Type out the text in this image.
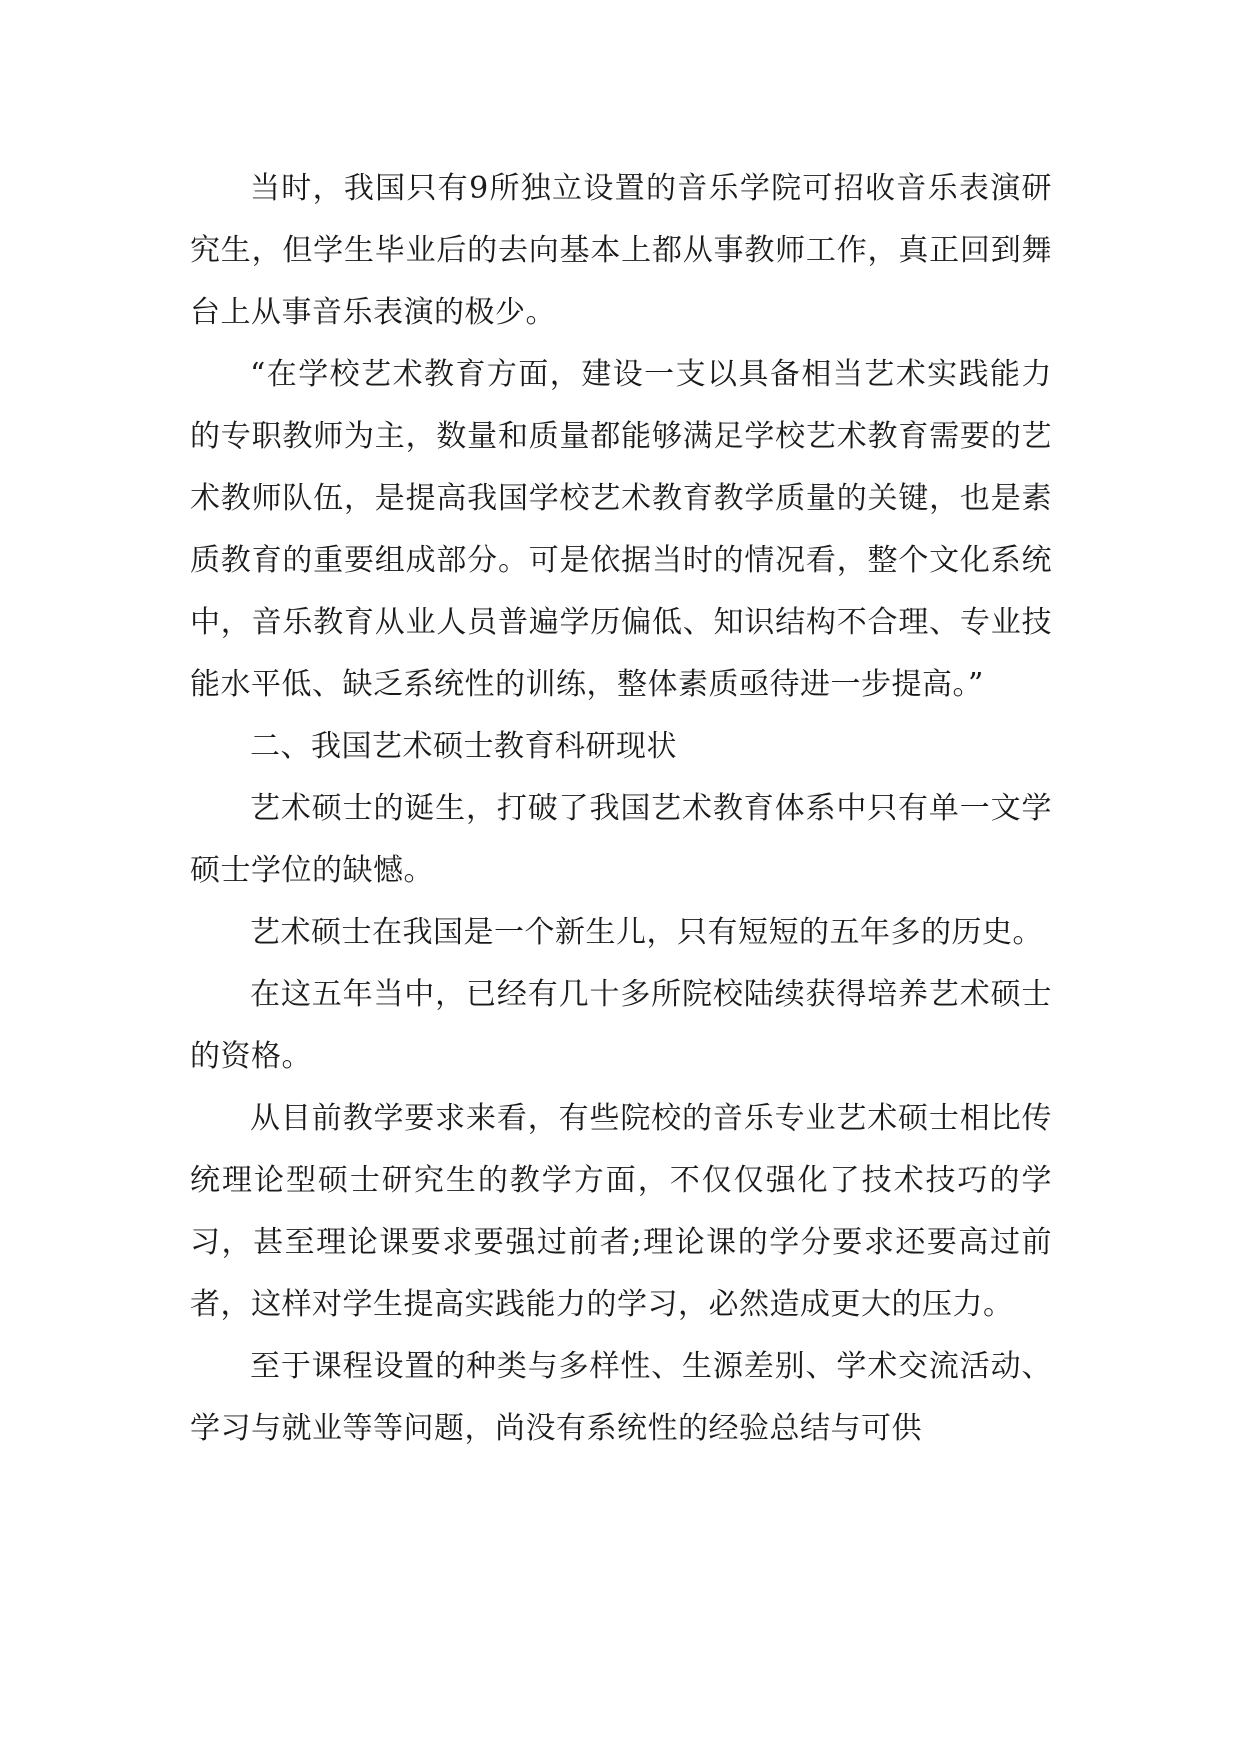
当时，我国只有9所独立设置的音乐学院可招收音乐表演研究生，但学生毕业后的去向基本上都从事教师工作，真正回到舞台上从事音乐表演的极少。

“在学校艺术教育方面，建设一支以具备相当艺术实践能力的专职教师为主，数量和质量都能够满足学校艺术教育需要的艺术教师队伍，是提高我国学校艺术教育教学质量的关键，也是素质教育的重要组成部分。可是依据当时的情况看，整个文化系统中，音乐教育从业人员普遍学历偏低、知识结构不合理、专业技能水平低、缺乏系统性的训练，整体素质亟待进一步提高。”

二、我国艺术硕士教育科研现状

艺术硕士的诞生，打破了我国艺术教育体系中只有单一文学硕士学位的缺憾。

艺术硕士在我国是一个新生儿，只有短短的五年多的历史。

在这五年当中，已经有几十多所院校陆续获得培养艺术硕士的资格。

从目前教学要求来看，有些院校的音乐专业艺术硕士相比传统理论型硕士研究生的教学方面，不仅仅强化了技术技巧的学习，甚至理论课要求要强过前者;理论课的学分要求还要高过前者，这样对学生提高实践能力的学习，必然造成更大的压力。

至于课程设置的种类与多样性、生源差别、学术交流活动、学习与就业等等问题，尚没有系统性的经验总结与可供
